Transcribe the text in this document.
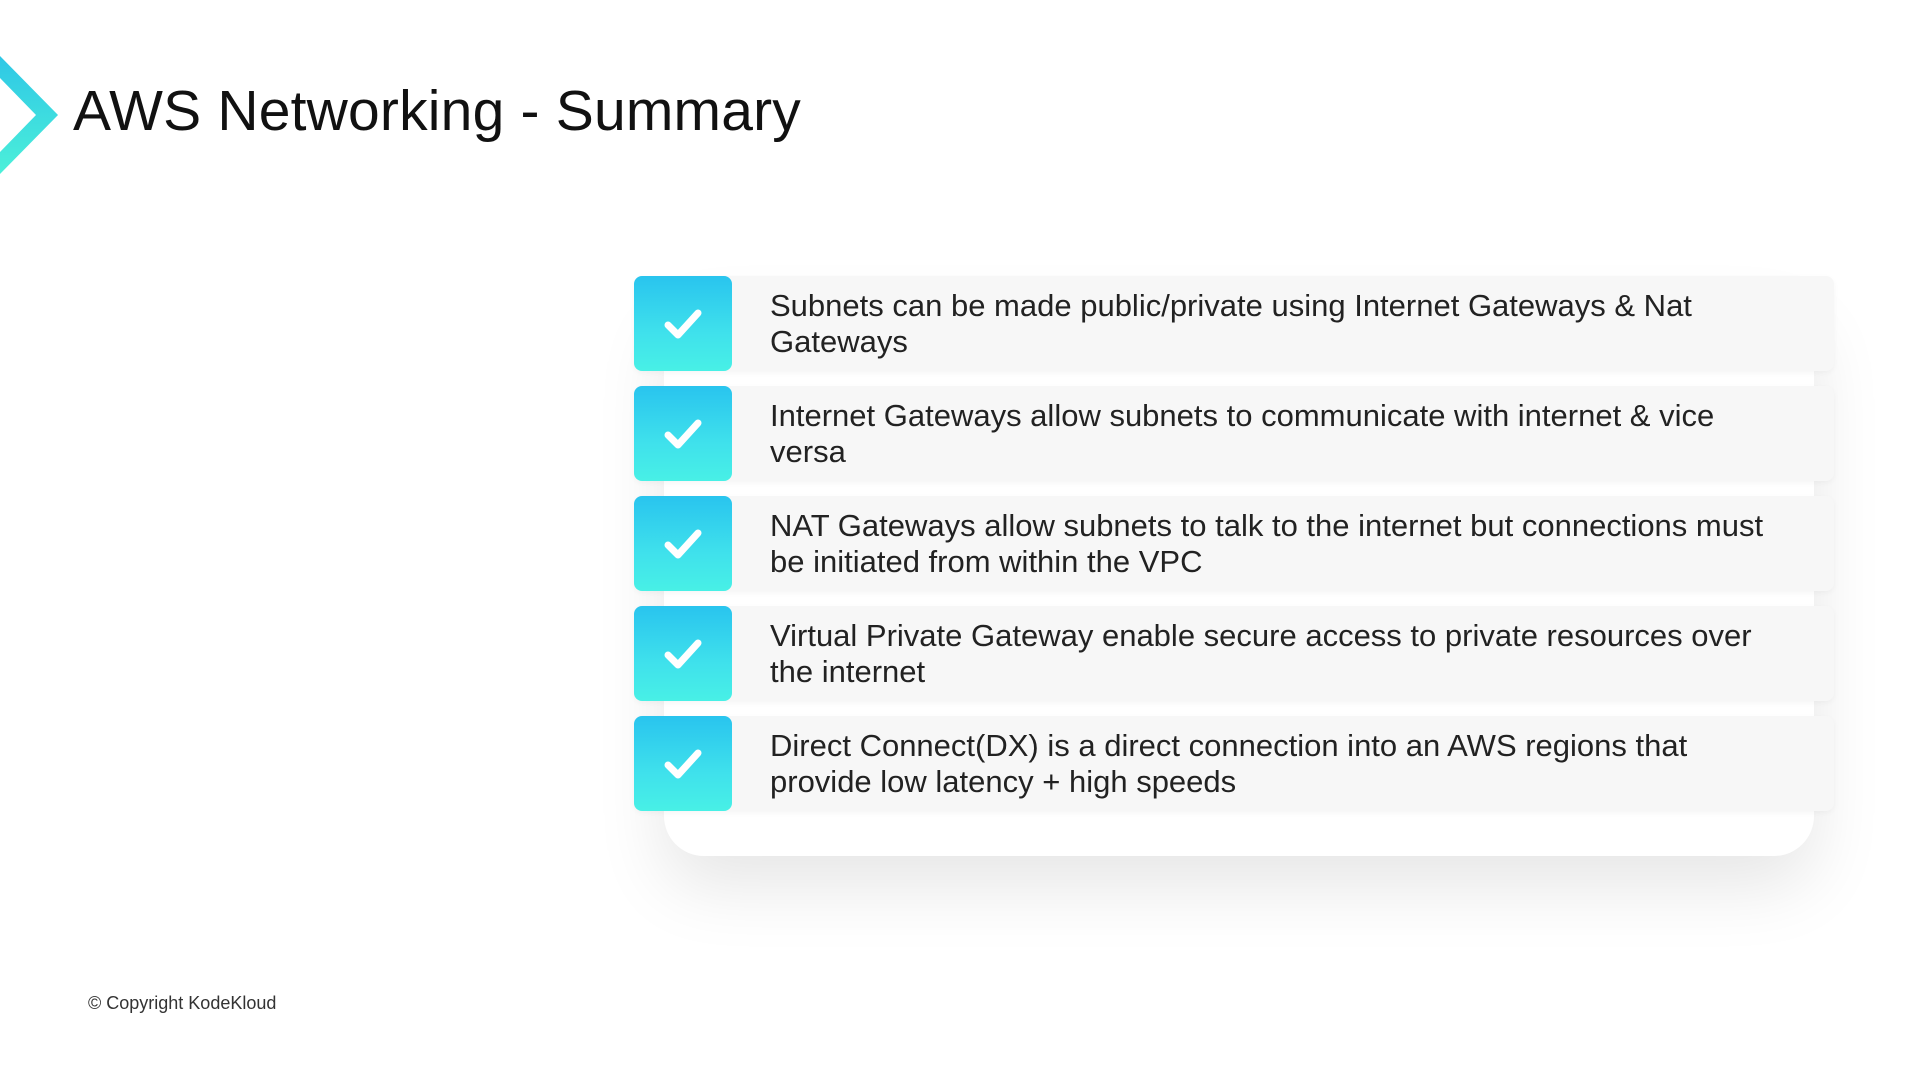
AWS Networking - Summary
Subnets can be made public/private using Internet Gateways & Nat Gateways
Internet Gateways allow subnets to communicate with internet & vice versa
NAT Gateways allow subnets to talk to the internet but connections must be initiated from within the VPC
Virtual Private Gateway enable secure access to private resources over the internet
Direct Connect(DX) is a direct connection into an AWS regions that provide low latency + high speeds
© Copyright KodeKloud
